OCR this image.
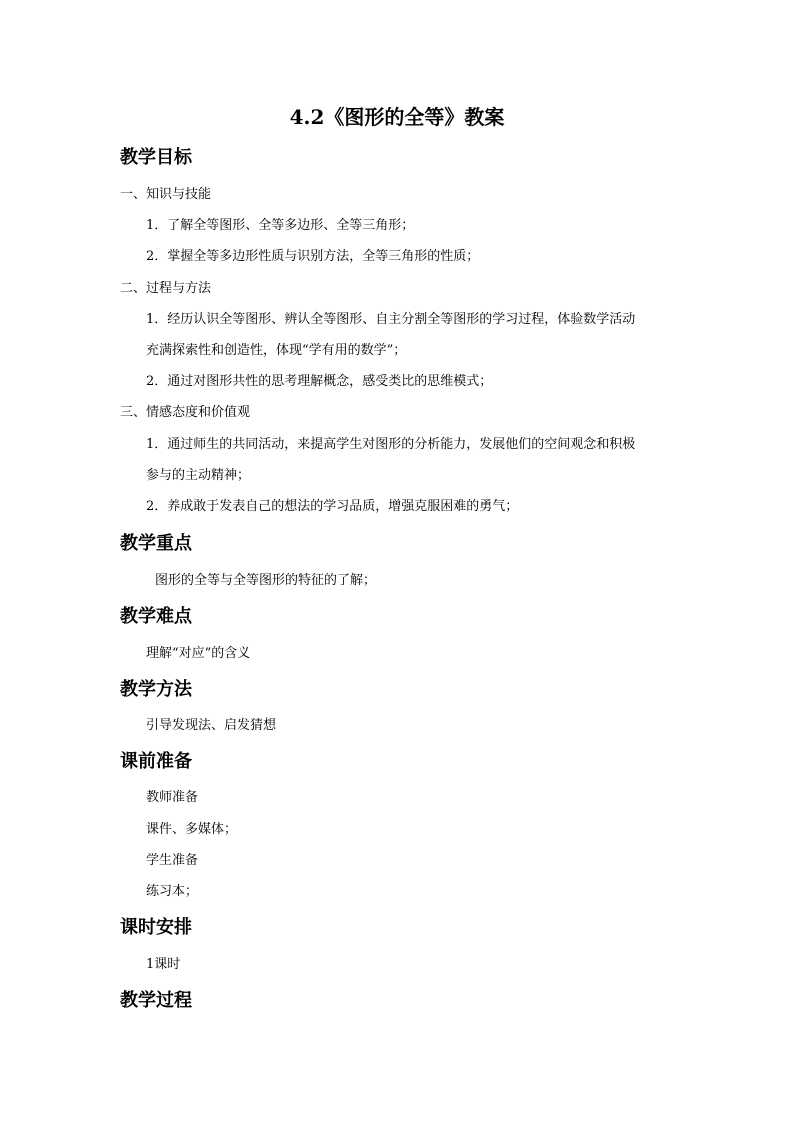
4.2《图形的全等》教案
教学目标
一、知识与技能
1．了解全等图形、全等多边形、全等三角形；
2．掌握全等多边形性质与识别方法，全等三角形的性质；
二、过程与方法
1．经历认识全等图形、辨认全等图形、自主分割全等图形的学习过程，体验数学活动
充满探索性和创造性，体现“学有用的数学”；
2．通过对图形共性的思考理解概念，感受类比的思维模式；
三、情感态度和价值观
1．通过师生的共同活动，来提高学生对图形的分析能力，发展他们的空间观念和积极
参与的主动精神；
2．养成敢于发表自己的想法的学习品质，增强克服困难的勇气；
教学重点
图形的全等与全等图形的特征的了解；
教学难点
理解“对应”的含义
教学方法
引导发现法、启发猜想
课前准备
教师准备
课件、多媒体；
学生准备
练习本；
课时安排
1课时
教学过程
